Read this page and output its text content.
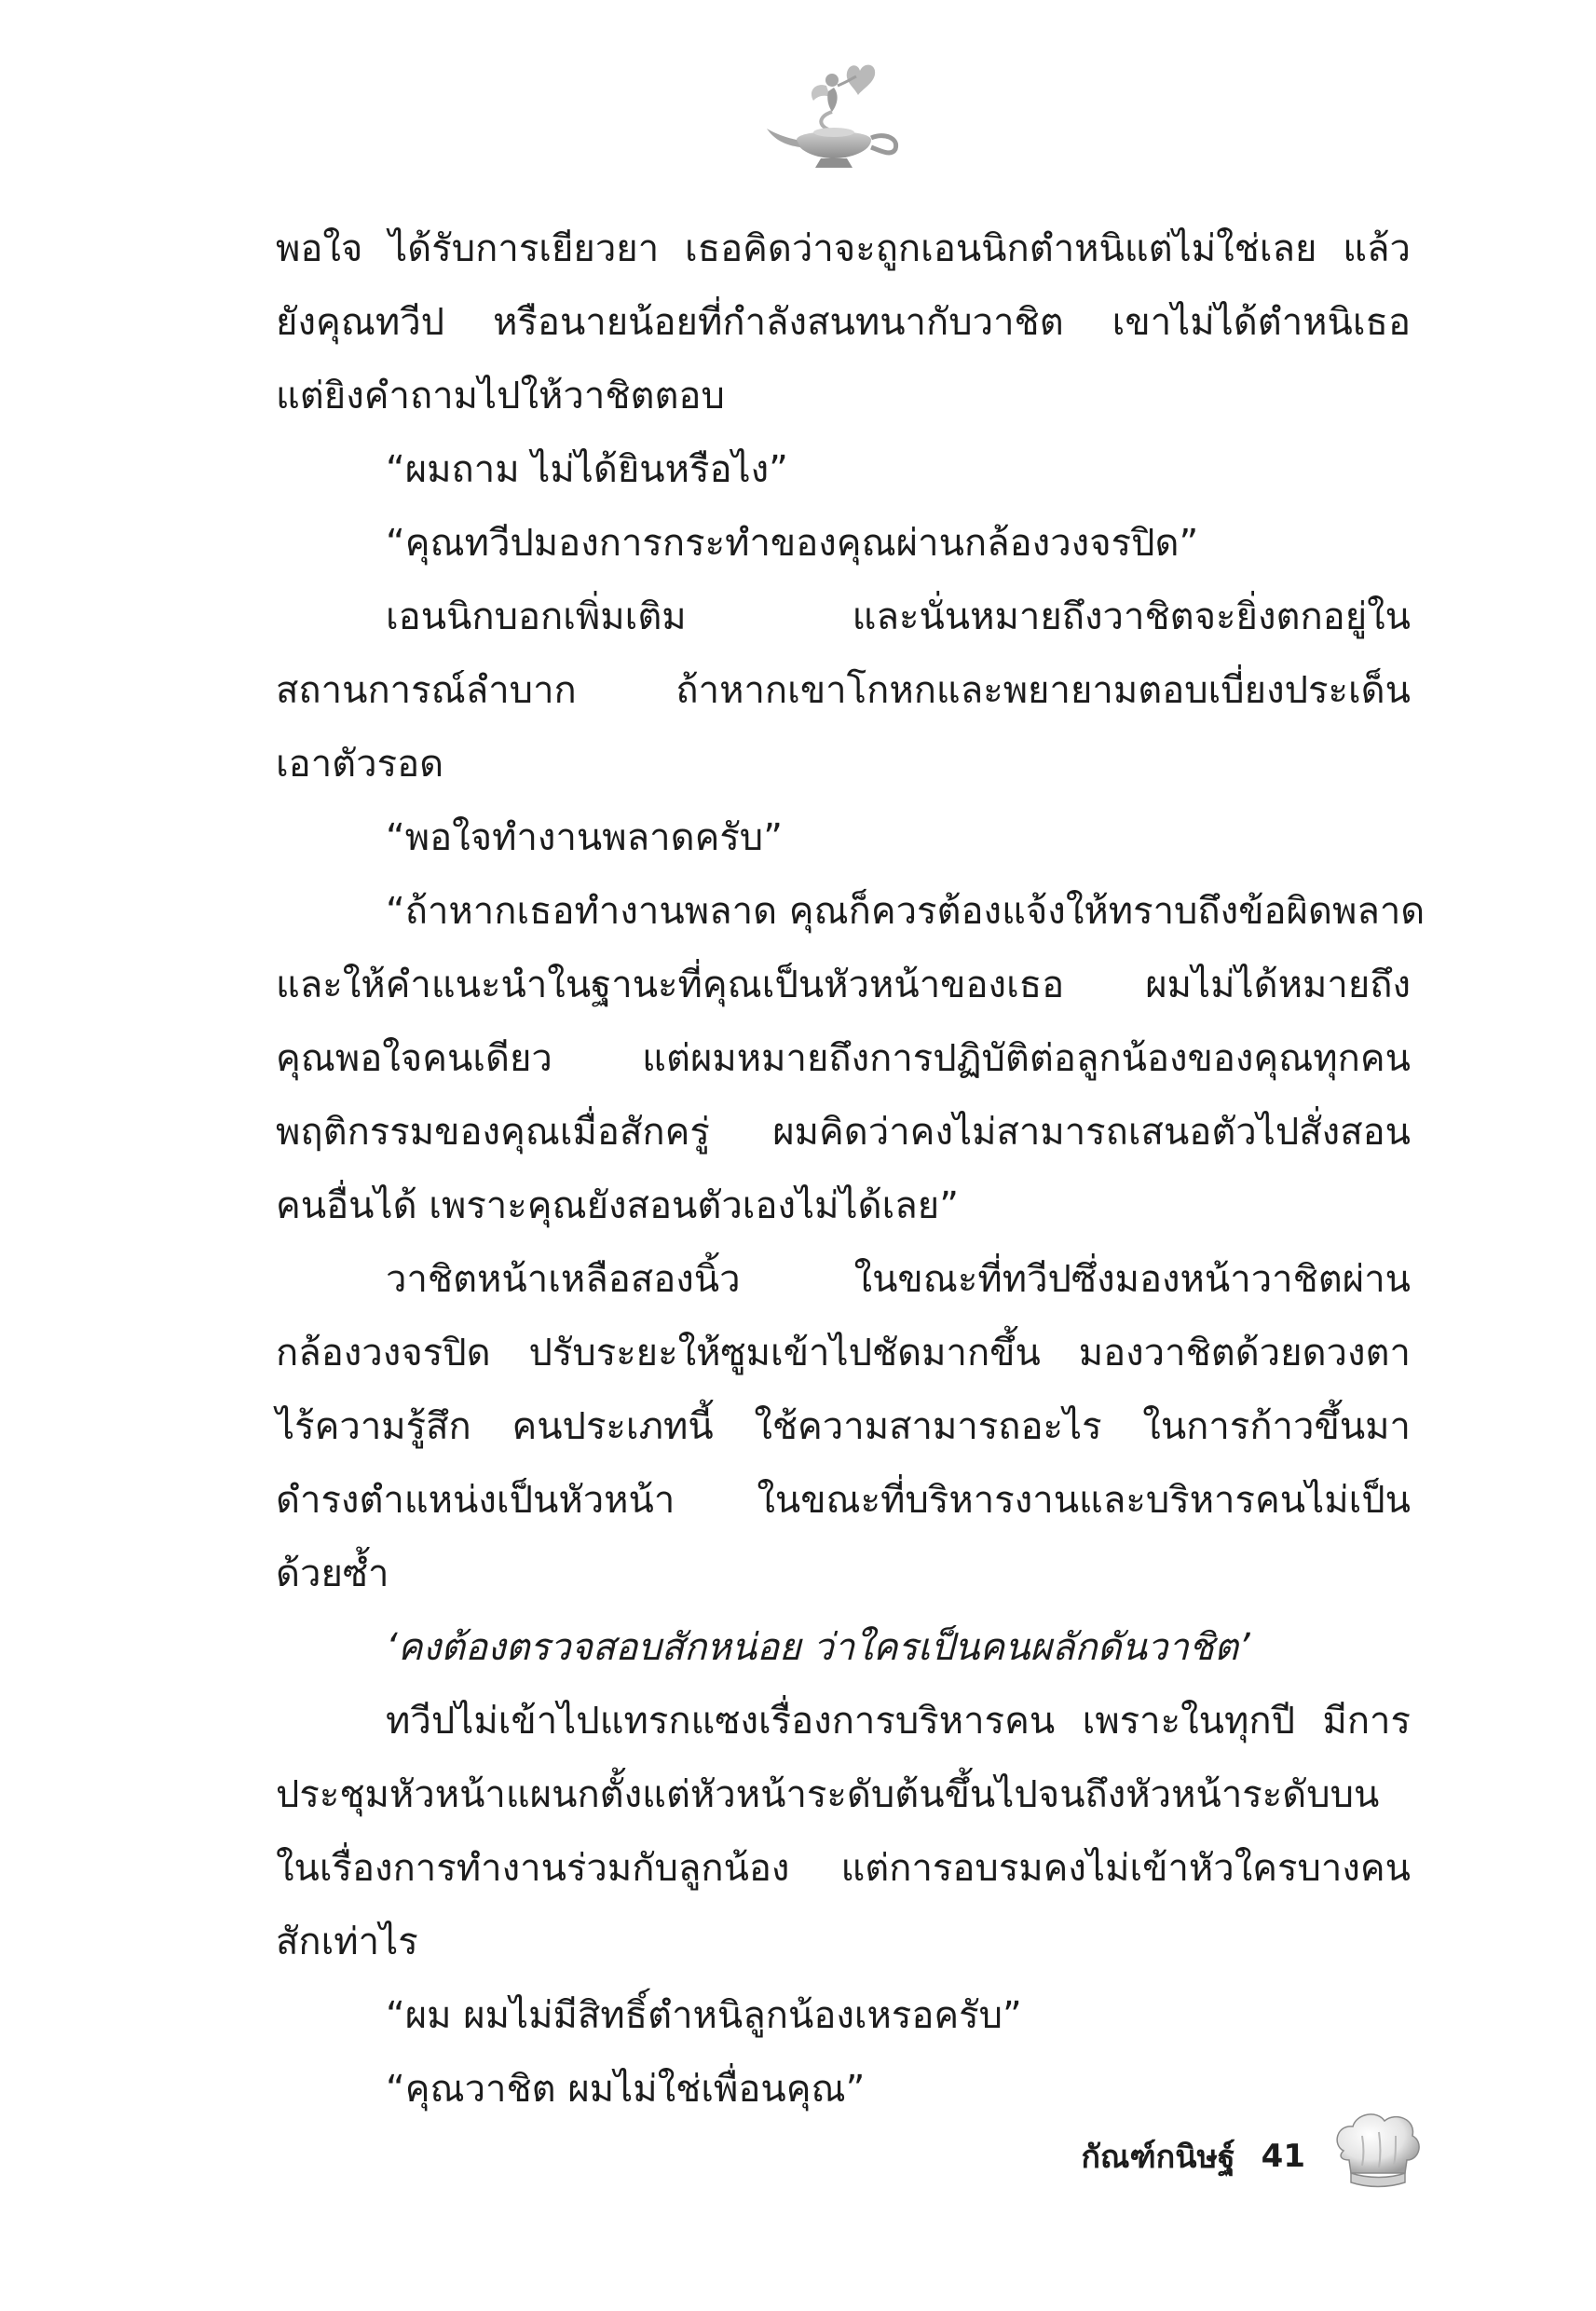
พอใจ ได้รับการเยียวยา เธอคิดว่าจะถูกเอนนิกตำหนิแต่ไม่ใช่เลย แล้ว
ยังคุณทวีป หรือนายน้อยที่กำลังสนทนากับวาชิต เขาไม่ได้ตำหนิเธอ
แต่ยิงคำถามไปให้วาชิตตอบ
“ผมถาม ไม่ได้ยินหรือไง”
“คุณทวีปมองการกระทำของคุณผ่านกล้องวงจรปิด”
เอนนิกบอกเพิ่มเติม และนั่นหมายถึงวาชิตจะยิ่งตกอยู่ใน
สถานการณ์ลำบาก ถ้าหากเขาโกหกและพยายามตอบเบี่ยงประเด็น
เอาตัวรอด
“พอใจทำงานพลาดครับ”
“ถ้าหากเธอทำงานพลาด คุณก็ควรต้องแจ้งให้ทราบถึงข้อผิดพลาด
และให้คำแนะนำในฐานะที่คุณเป็นหัวหน้าของเธอ ผมไม่ได้หมายถึง
คุณพอใจคนเดียว แต่ผมหมายถึงการปฏิบัติต่อลูกน้องของคุณทุกคน
พฤติกรรมของคุณเมื่อสักครู่ ผมคิดว่าคงไม่สามารถเสนอตัวไปสั่งสอน
คนอื่นได้ เพราะคุณยังสอนตัวเองไม่ได้เลย”
วาชิตหน้าเหลือสองนิ้ว ในขณะที่ทวีปซึ่งมองหน้าวาชิตผ่าน
กล้องวงจรปิด ปรับระยะให้ซูมเข้าไปชัดมากขึ้น มองวาชิตด้วยดวงตา
ไร้ความรู้สึก คนประเภทนี้ ใช้ความสามารถอะไร ในการก้าวขึ้นมา
ดำรงตำแหน่งเป็นหัวหน้า ในขณะที่บริหารงานและบริหารคนไม่เป็น
ด้วยซ้ำ
‘คงต้องตรวจสอบสักหน่อย ว่าใครเป็นคนผลักดันวาชิต’
ทวีปไม่เข้าไปแทรกแซงเรื่องการบริหารคน เพราะในทุกปี มีการ
ประชุมหัวหน้าแผนกตั้งแต่หัวหน้าระดับต้นขึ้นไปจนถึงหัวหน้าระดับบน
ในเรื่องการทำงานร่วมกับลูกน้อง แต่การอบรมคงไม่เข้าหัวใครบางคน
สักเท่าไร
“ผม ผมไม่มีสิทธิ์ตำหนิลูกน้องเหรอครับ”
“คุณวาชิต ผมไม่ใช่เพื่อนคุณ”
กัณฑ์กนิษฐ์ 41
